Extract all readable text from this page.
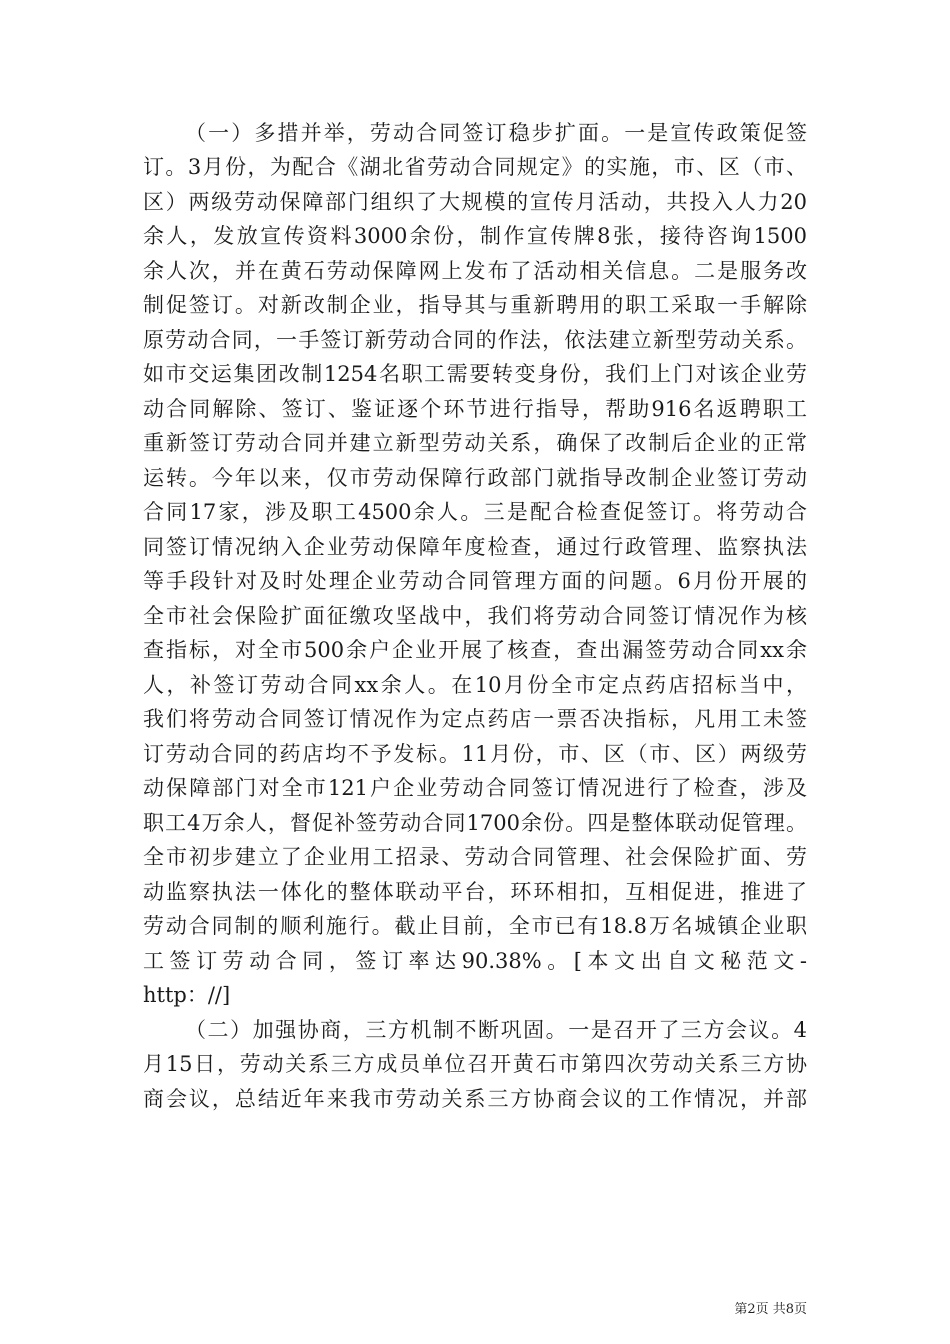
（一）多措并举，劳动合同签订稳步扩面。一是宣传政策促签
订。3月份，为配合《湖北省劳动合同规定》的实施，市、区（市、
区）两级劳动保障部门组织了大规模的宣传月活动，共投入人力20
余人，发放宣传资料3000余份，制作宣传牌8张，接待咨询1500
余人次，并在黄石劳动保障网上发布了活动相关信息。二是服务改
制促签订。对新改制企业，指导其与重新聘用的职工采取一手解除
原劳动合同，一手签订新劳动合同的作法，依法建立新型劳动关系。
如市交运集团改制1254名职工需要转变身份，我们上门对该企业劳
动合同解除、签订、鉴证逐个环节进行指导，帮助916名返聘职工
重新签订劳动合同并建立新型劳动关系，确保了改制后企业的正常
运转。今年以来，仅市劳动保障行政部门就指导改制企业签订劳动
合同17家，涉及职工4500余人。三是配合检查促签订。将劳动合
同签订情况纳入企业劳动保障年度检查，通过行政管理、监察执法
等手段针对及时处理企业劳动合同管理方面的问题。6月份开展的
全市社会保险扩面征缴攻坚战中，我们将劳动合同签订情况作为核
查指标，对全市500余户企业开展了核查，查出漏签劳动合同xx余
人，补签订劳动合同xx余人。在10月份全市定点药店招标当中，
我们将劳动合同签订情况作为定点药店一票否决指标，凡用工未签
订劳动合同的药店均不予发标。11月份，市、区（市、区）两级劳
动保障部门对全市121户企业劳动合同签订情况进行了检查，涉及
职工4万余人，督促补签劳动合同1700余份。四是整体联动促管理。
全市初步建立了企业用工招录、劳动合同管理、社会保险扩面、劳
动监察执法一体化的整体联动平台，环环相扣，互相促进，推进了
劳动合同制的顺利施行。截止目前，全市已有18.8万名城镇企业职
工签订劳动合同，签订率达90.38%。[本文出自文秘范文-
http：//]
（二）加强协商，三方机制不断巩固。一是召开了三方会议。4
月15日，劳动关系三方成员单位召开黄石市第四次劳动关系三方协
商会议，总结近年来我市劳动关系三方协商会议的工作情况，并部
第2页 共8页
